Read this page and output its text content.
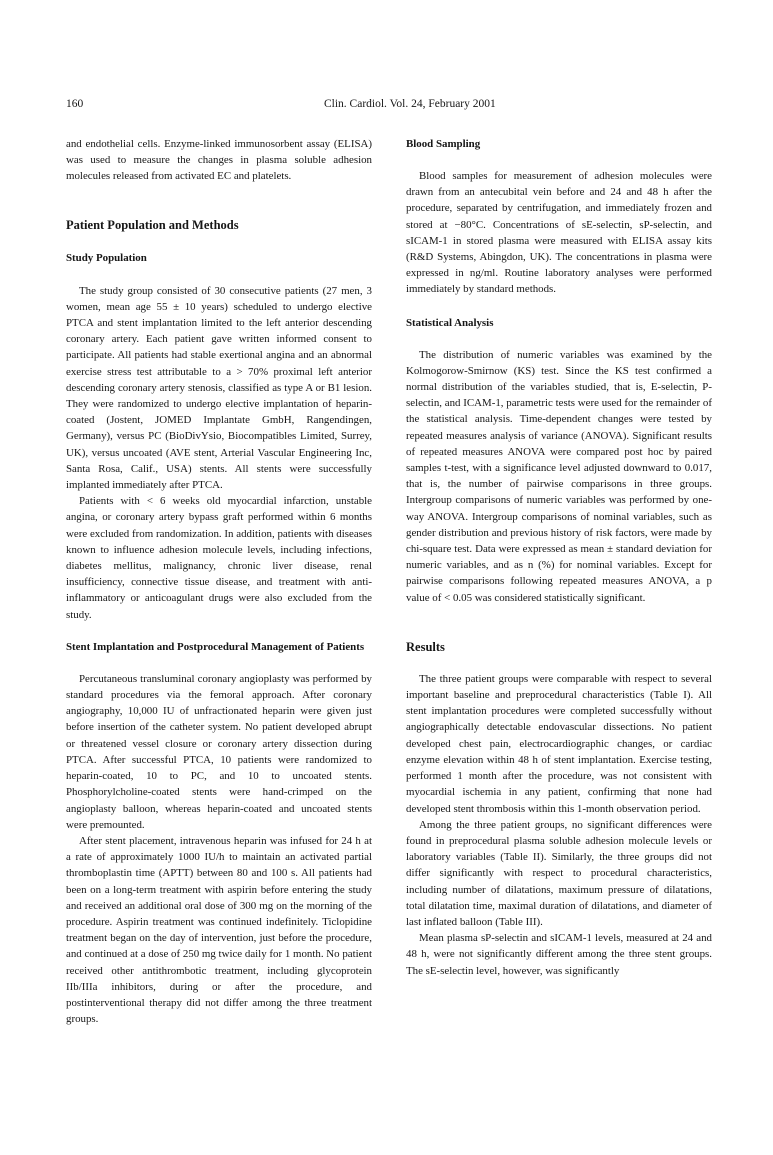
160	Clin. Cardiol. Vol. 24, February 2001

and endothelial cells. Enzyme-linked immunosorbent assay (ELISA) was used to measure the changes in plasma soluble adhesion molecules released from activated EC and platelets.

Patient Population and Methods
Study Population

The study group consisted of 30 consecutive patients (27 men, 3 women, mean age 55 ± 10 years) scheduled to undergo elective PTCA and stent implantation limited to the left anterior descending coronary artery. Each patient gave written informed consent to participate. All patients had stable exertional angina and an abnormal exercise stress test attributable to a > 70% proximal left anterior descending coronary artery stenosis, classified as type A or B1 lesion. They were randomized to undergo elective implantation of heparin-coated (Jostent, JOMED Implantate GmbH, Rangendingen, Germany), versus PC (BioDivYsio, Biocompatibles Limited, Surrey, UK), versus uncoated (AVE stent, Arterial Vascular Engineering Inc, Santa Rosa, Calif., USA) stents. All stents were successfully implanted immediately after PTCA.

Patients with < 6 weeks old myocardial infarction, unstable angina, or coronary artery bypass graft performed within 6 months were excluded from randomization. In addition, patients with diseases known to influence adhesion molecule levels, including infections, diabetes mellitus, malignancy, chronic liver disease, renal insufficiency, connective tissue disease, and treatment with anti-inflammatory or anticoagulant drugs were also excluded from the study.

Stent Implantation and Postprocedural Management of Patients

Percutaneous transluminal coronary angioplasty was performed by standard procedures via the femoral approach. After coronary angiography, 10,000 IU of unfractionated heparin were given just before insertion of the catheter system. No patient developed abrupt or threatened vessel closure or coronary artery dissection during PTCA. After successful PTCA, 10 patients were randomized to heparin-coated, 10 to PC, and 10 to uncoated stents. Phosphorylcholine-coated stents were hand-crimped on the angioplasty balloon, whereas heparin-coated and uncoated stents were premounted.

After stent placement, intravenous heparin was infused for 24 h at a rate of approximately 1000 IU/h to maintain an activated partial thromboplastin time (APTT) between 80 and 100 s. All patients had been on a long-term treatment with aspirin before entering the study and received an additional oral dose of 300 mg on the morning of the procedure. Aspirin treatment was continued indefinitely. Ticlopidine treatment began on the day of intervention, just before the procedure, and continued at a dose of 250 mg twice daily for 1 month. No patient received other antithrombotic treatment, including glycoprotein IIb/IIIa inhibitors, during or after the procedure, and postinterventional therapy did not differ among the three treatment groups.

Blood Sampling

Blood samples for measurement of adhesion molecules were drawn from an antecubital vein before and 24 and 48 h after the procedure, separated by centrifugation, and immediately frozen and stored at −80°C. Concentrations of sE-selectin, sP-selectin, and sICAM-1 in stored plasma were measured with ELISA assay kits (R&D Systems, Abingdon, UK). The concentrations in plasma were expressed in ng/ml. Routine laboratory analyses were performed immediately by standard methods.

Statistical Analysis

The distribution of numeric variables was examined by the Kolmogorow-Smirnow (KS) test. Since the KS test confirmed a normal distribution of the variables studied, that is, E-selectin, P-selectin, and ICAM-1, parametric tests were used for the remainder of the statistical analysis. Time-dependent changes were tested by repeated measures analysis of variance (ANOVA). Significant results of repeated measures ANOVA were compared post hoc by paired samples t-test, with a significance level adjusted downward to 0.017, that is, the number of pairwise comparisons in three groups. Intergroup comparisons of numeric variables was performed by one-way ANOVA. Intergroup comparisons of nominal variables, such as gender distribution and previous history of risk factors, were made by chi-square test. Data were expressed as mean ± standard deviation for numeric variables, and as n (%) for nominal variables. Except for pairwise comparisons following repeated measures ANOVA, a p value of < 0.05 was considered statistically significant.

Results

The three patient groups were comparable with respect to several important baseline and preprocedural characteristics (Table I). All stent implantation procedures were completed successfully without angiographically detectable endovascular dissections. No patient developed chest pain, electrocardiographic changes, or cardiac enzyme elevation within 48 h of stent implantation. Exercise testing, performed 1 month after the procedure, was not consistent with myocardial ischemia in any patient, confirming that none had developed stent thrombosis within this 1-month observation period.

Among the three patient groups, no significant differences were found in preprocedural plasma soluble adhesion molecule levels or laboratory variables (Table II). Similarly, the three groups did not differ significantly with respect to procedural characteristics, including number of dilatations, maximum pressure of dilatations, total dilatation time, maximal duration of dilatations, and diameter of last inflated balloon (Table III).

Mean plasma sP-selectin and sICAM-1 levels, measured at 24 and 48 h, were not significantly different among the three stent groups. The sE-selectin level, however, was significantly
